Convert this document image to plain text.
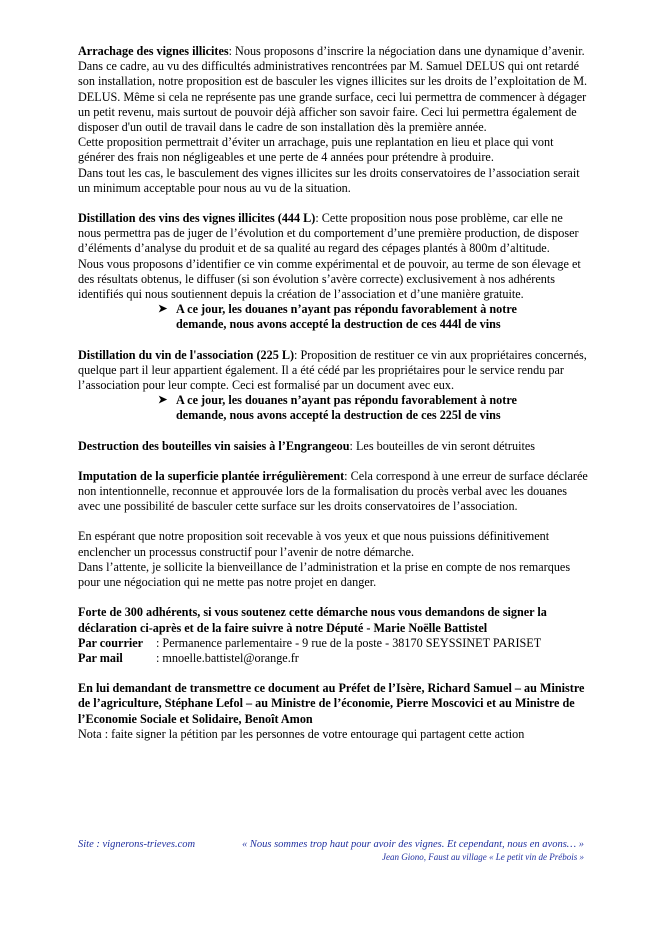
Arrachage des vignes illicites: Nous proposons d’inscrire la négociation dans une dynamique d’avenir. Dans ce cadre, au vu des difficultés administratives rencontrées par M. Samuel DELUS qui ont retardé son installation, notre proposition est de basculer les vignes illicites sur les droits de l’exploitation de M. DELUS. Même si cela ne représente pas une grande surface, ceci lui permettra de commencer à dégager un petit revenu, mais surtout de pouvoir déjà afficher son savoir faire. Ceci lui permettra également de disposer d'un outil de travail dans le cadre de son installation dès la première année.

Cette proposition permettrait d’éviter un arrachage, puis une replantation en lieu et place qui vont générer des frais non négligeables et une perte de 4 années pour prétendre à produire.

Dans tout les cas, le basculement des vignes illicites sur les droits conservatoires de l’association serait un minimum acceptable pour nous au vu de la situation.

Distillation des vins des vignes illicites (444 L): Cette proposition nous pose problème, car elle ne nous permettra pas de juger de l’évolution et du comportement d’une première production, de disposer d’éléments d’analyse du produit et de sa qualité au regard des cépages plantés à 800m d’altitude.

Nous vous proposons d’identifier ce vin comme expérimental et de pouvoir, au terme de son élevage et des résultats obtenus, le diffuser (si son évolution s’avère correcte) exclusivement à nos adhérents identifiés qui nous soutiennent depuis la création de l’association et d’une manière gratuite.

➤ A ce jour, les douanes n’ayant pas répondu favorablement à notre
demande, nous avons accepté la destruction de ces 444l de vins

Distillation du vin de l'association (225 L): Proposition de restituer ce vin aux propriétaires concernés, quelque part il leur appartient également. Il a été cédé par les propriétaires pour le service rendu par l’association pour leur compte. Ceci est formalisé par un document avec eux.

➤ A ce jour, les douanes n’ayant pas répondu favorablement à notre
demande, nous avons accepté la destruction de ces 225l de vins

Destruction des bouteilles vin saisies à l’Engrangeou: Les bouteilles de vin seront détruites

Imputation de la superficie plantée irrégulièrement: Cela correspond à une erreur de surface déclarée non intentionnelle, reconnue et approuvée lors de la formalisation du procès verbal avec les douanes avec une possibilité de basculer cette surface sur les droits conservatoires de l’association.

En espérant que notre proposition soit recevable à vos yeux et que nous puissions définitivement enclencher un processus constructif pour l’avenir de notre démarche.

Dans l’attente, je sollicite la bienveillance de l’administration et la prise en compte de nos remarques pour une négociation qui ne mette pas notre projet en danger.

Forte de 300 adhérents, si vous soutenez cette démarche nous vous demandons de signer la déclaration ci-après et de la faire suivre à notre Député - Marie Noëlle Battistel

Par courrier	: Permanence parlementaire - 9 rue de la poste - 38170 SEYSSINET PARISET
Par mail	: mnoelle.battistel@orange.fr

En lui demandant de transmettre ce document au Préfet de l’Isère, Richard Samuel – au Ministre de l’agriculture, Stéphane Lefol – au Ministre de l’économie, Pierre Moscovici et au Ministre de l’Economie Sociale et Solidaire, Benoît Amon

Nota : faite signer la pétition par les personnes de votre entourage qui partagent cette action

Site : vignerons-trieves.com	« Nous sommes trop haut pour avoir des vignes. Et cependant, nous en avons… »
Jean Giono, Faust au village « Le petit vin de Prébois »
